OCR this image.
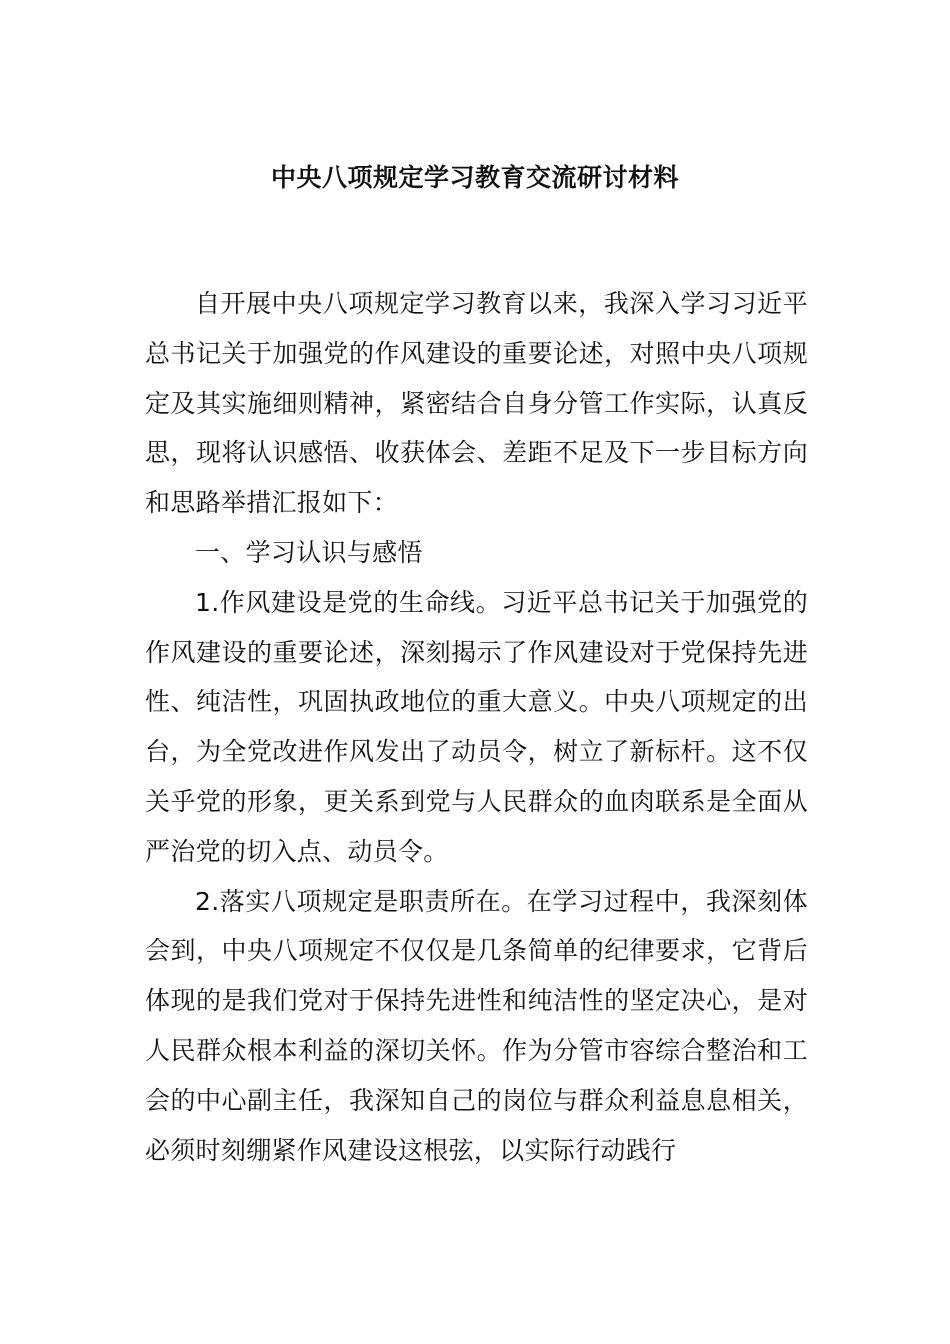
中央八项规定学习教育交流研讨材料

自开展中央八项规定学习教育以来，我深入学习习近平总书记关于加强党的作风建设的重要论述，对照中央八项规定及其实施细则精神，紧密结合自身分管工作实际，认真反思，现将认识感悟、收获体会、差距不足及下一步目标方向和思路举措汇报如下：

一、学习认识与感悟

1.作风建设是党的生命线。习近平总书记关于加强党的作风建设的重要论述，深刻揭示了作风建设对于党保持先进性、纯洁性，巩固执政地位的重大意义。中央八项规定的出台，为全党改进作风发出了动员令，树立了新标杆。这不仅关乎党的形象，更关系到党与人民群众的血肉联系是全面从严治党的切入点、动员令。

2.落实八项规定是职责所在。在学习过程中，我深刻体会到，中央八项规定不仅仅是几条简单的纪律要求，它背后体现的是我们党对于保持先进性和纯洁性的坚定决心，是对人民群众根本利益的深切关怀。作为分管市容综合整治和工会的中心副主任，我深知自己的岗位与群众利益息息相关，必须时刻绷紧作风建设这根弦，以实际行动践行
